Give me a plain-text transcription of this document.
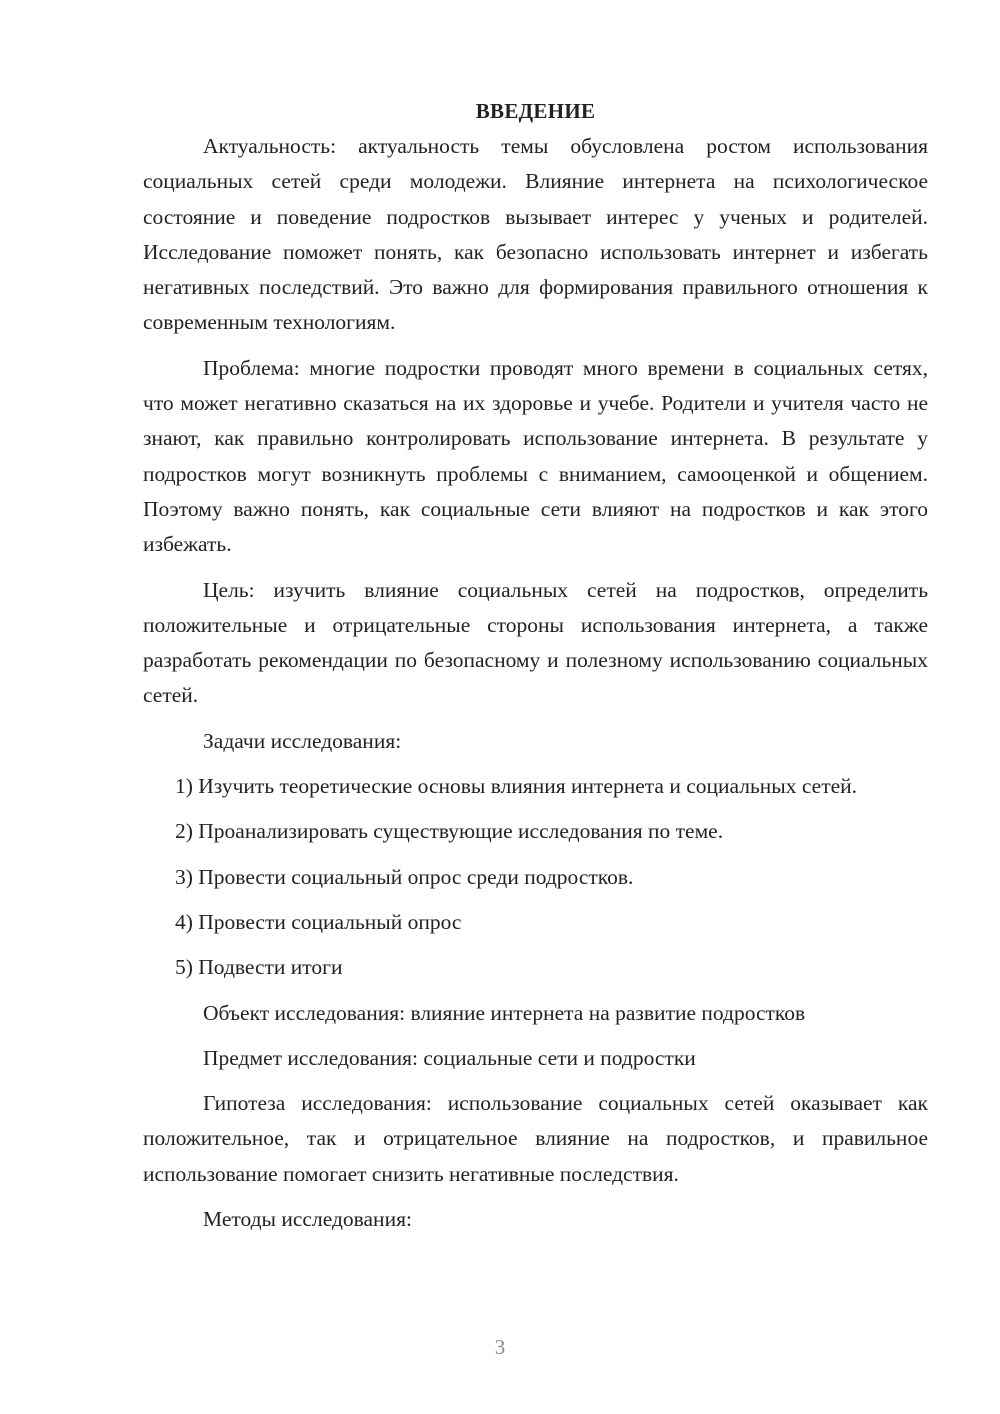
ВВЕДЕНИЕ

Актуальность: актуальность темы обусловлена ростом использования социальных сетей среди молодежи. Влияние интернета на психологическое состояние и поведение подростков вызывает интерес у ученых и родителей. Исследование поможет понять, как безопасно использовать интернет и избегать негативных последствий. Это важно для формирования правильного отношения к современным технологиям.

Проблема: многие подростки проводят много времени в социальных сетях, что может негативно сказаться на их здоровье и учебе. Родители и учителя часто не знают, как правильно контролировать использование интернета. В результате у подростков могут возникнуть проблемы с вниманием, самооценкой и общением. Поэтому важно понять, как социальные сети влияют на подростков и как этого избежать.

Цель: изучить влияние социальных сетей на подростков, определить положительные и отрицательные стороны использования интернета, а также разработать рекомендации по безопасному и полезному использованию социальных сетей.

Задачи исследования:

1) Изучить теоретические основы влияния интернета и социальных сетей.

2) Проанализировать существующие исследования по теме.

3) Провести социальный опрос среди подростков.

4) Провести социальный опрос

5) Подвести итоги

Объект исследования: влияние интернета на развитие подростков

Предмет исследования: социальные сети и подростки

Гипотеза исследования: использование социальных сетей оказывает как положительное, так и отрицательное влияние на подростков, и правильное использование помогает снизить негативные последствия.

Методы исследования:

3
